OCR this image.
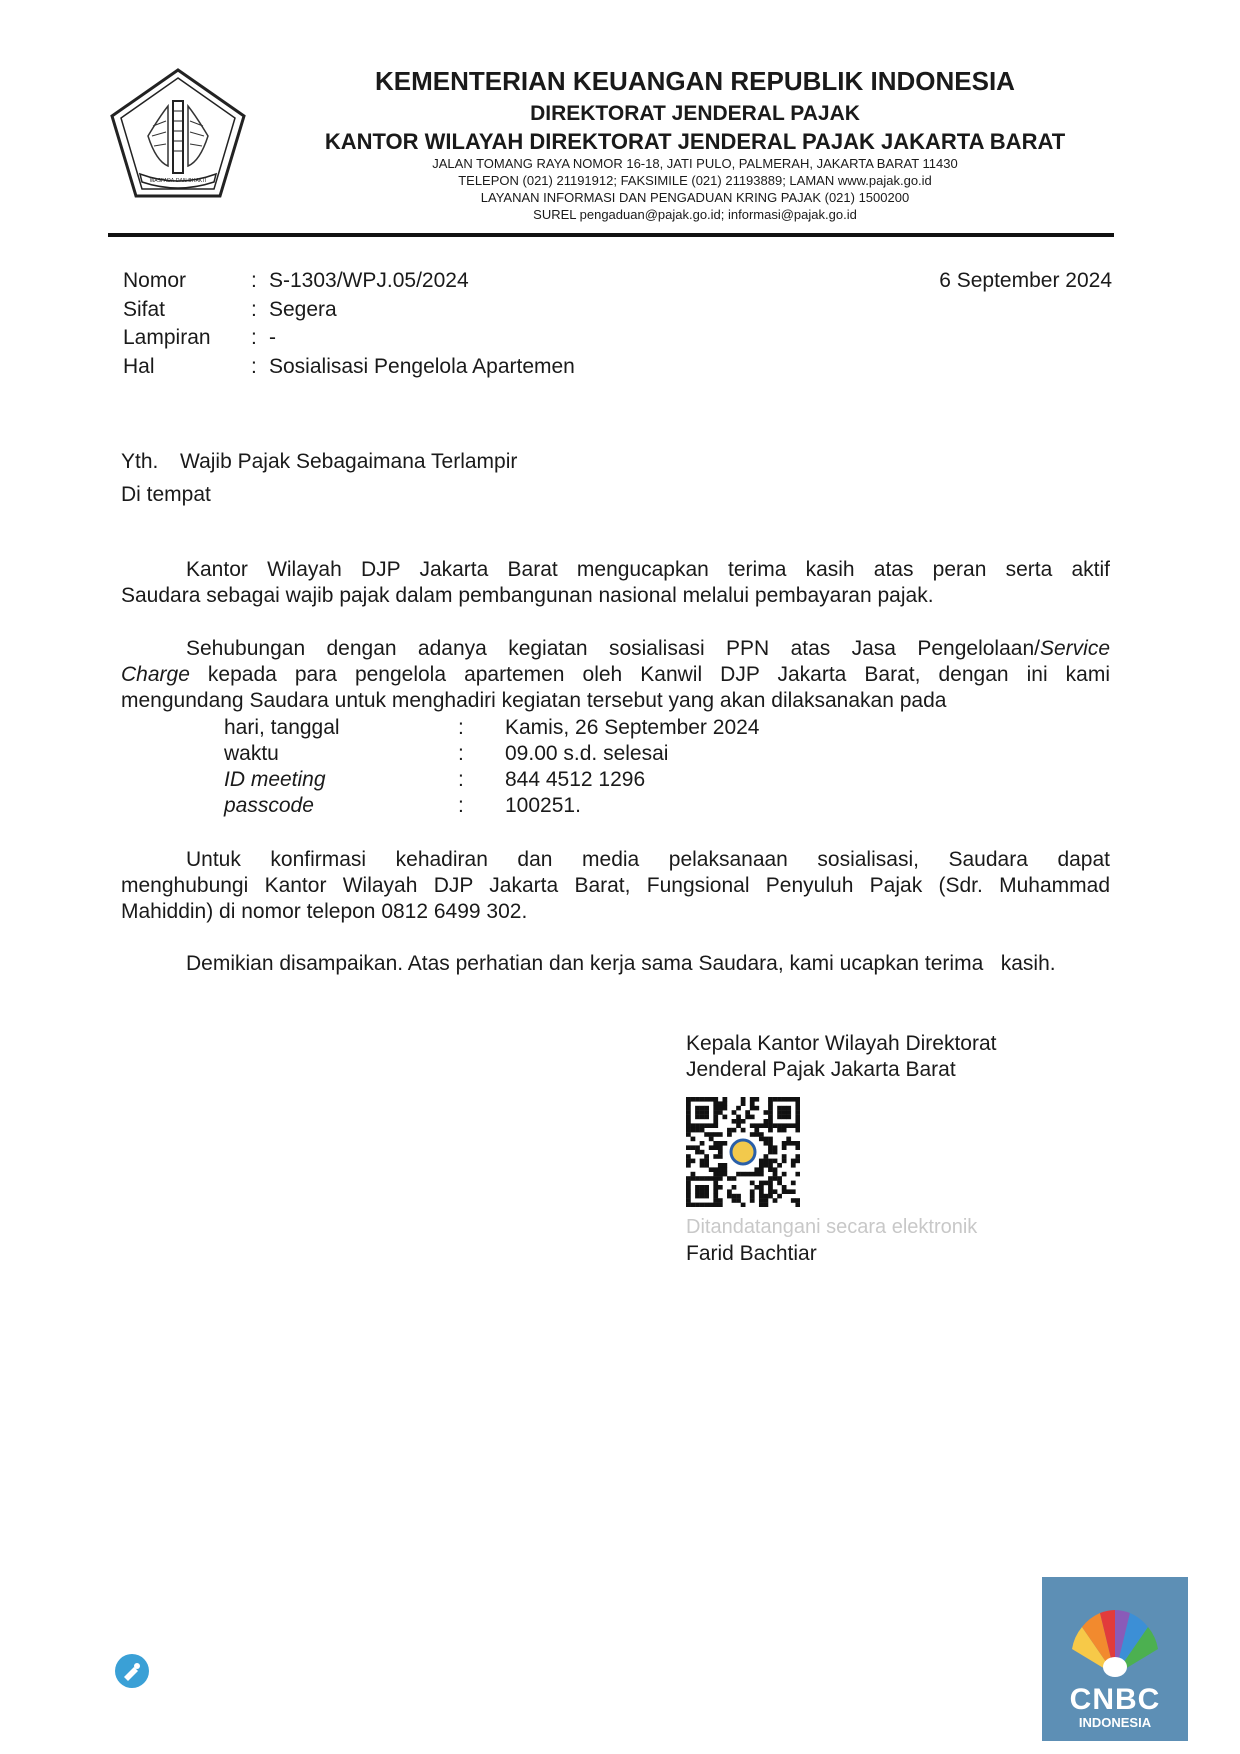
WASPADA DAN BHAKTI
KEMENTERIAN KEUANGAN REPUBLIK INDONESIA
DIREKTORAT JENDERAL PAJAK
KANTOR WILAYAH DIREKTORAT JENDERAL PAJAK JAKARTA BARAT
JALAN TOMANG RAYA NOMOR 16-18, JATI PULO, PALMERAH, JAKARTA BARAT 11430
TELEPON (021) 21191912; FAKSIMILE (021) 21193889; LAMAN www.pajak.go.id
LAYANAN INFORMASI DAN PENGADUAN KRING PAJAK (021) 1500200
SUREL pengaduan@pajak.go.id; informasi@pajak.go.id
Nomor	: S-1303/WPJ.05/2024
Sifat	: Segera
Lampiran	: -
Hal	: Sosialisasi Pengelola Apartemen
6 September 2024
Yth. Wajib Pajak Sebagaimana Terlampir
Di tempat
Kantor Wilayah DJP Jakarta Barat mengucapkan terima kasih atas peran serta aktif
Saudara sebagai wajib pajak dalam pembangunan nasional melalui pembayaran pajak.
Sehubungan dengan adanya kegiatan sosialisasi PPN atas Jasa Pengelolaan/Service
Charge kepada para pengelola apartemen oleh Kanwil DJP Jakarta Barat, dengan ini kami
mengundang Saudara untuk menghadiri kegiatan tersebut yang akan dilaksanakan pada
hari, tanggal	:	Kamis, 26 September 2024
waktu	:	09.00 s.d. selesai
ID meeting	:	844 4512 1296
passcode	:	100251.
Untuk konfirmasi kehadiran dan media pelaksanaan sosialisasi, Saudara dapat
menghubungi Kantor Wilayah DJP Jakarta Barat, Fungsional Penyuluh Pajak (Sdr. Muhammad
Mahiddin) di nomor telepon 0812 6499 302.
Demikian disampaikan. Atas perhatian dan kerja sama Saudara, kami ucapkan terima   kasih.
Kepala Kantor Wilayah Direktorat
Jenderal Pajak Jakarta Barat
Ditandatangani secara elektronik
Farid Bachtiar
CNBC
INDONESIA
